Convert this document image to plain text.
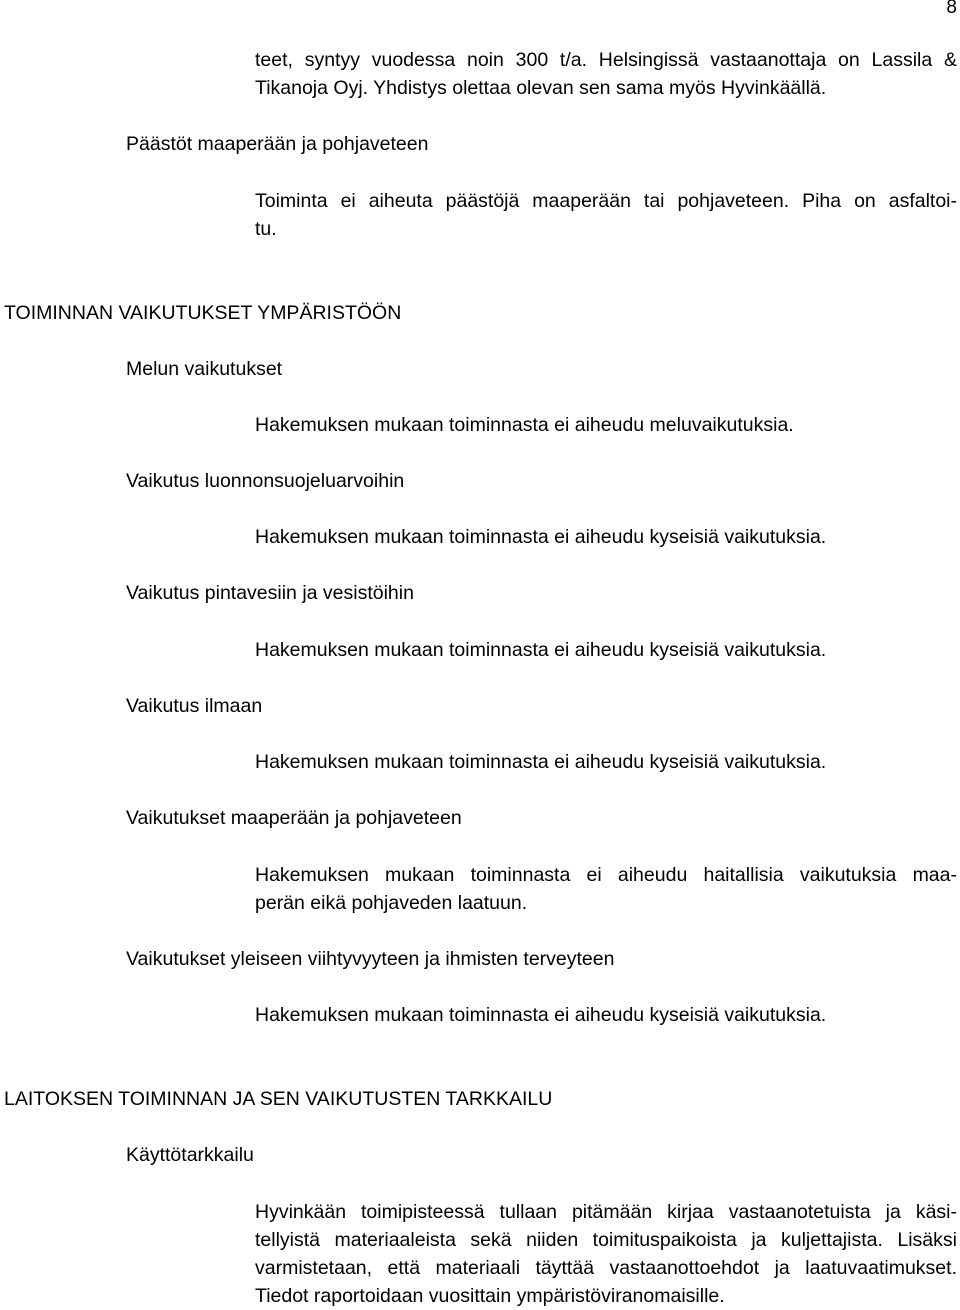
8

teet, syntyy vuodessa noin 300 t/a. Helsingissä vastaanottaja on Lassila &

Tikanoja Oyj. Yhdistys olettaa olevan sen sama myös Hyvinkäällä.

Päästöt maaperään ja pohjaveteen

Toiminta ei aiheuta päästöjä maaperään tai pohjaveteen. Piha on asfaltoi-

tu.

TOIMINNAN VAIKUTUKSET YMPÄRISTÖÖN

Melun vaikutukset

Hakemuksen mukaan toiminnasta ei aiheudu meluvaikutuksia.

Vaikutus luonnonsuojeluarvoihin

Hakemuksen mukaan toiminnasta ei aiheudu kyseisiä vaikutuksia.

Vaikutus pintavesiin ja vesistöihin

Hakemuksen mukaan toiminnasta ei aiheudu kyseisiä vaikutuksia.

Vaikutus ilmaan

Hakemuksen mukaan toiminnasta ei aiheudu kyseisiä vaikutuksia.

Vaikutukset maaperään ja pohjaveteen

Hakemuksen mukaan toiminnasta ei aiheudu haitallisia vaikutuksia maa-

perän eikä pohjaveden laatuun.

Vaikutukset yleiseen viihtyvyyteen ja ihmisten terveyteen

Hakemuksen mukaan toiminnasta ei aiheudu kyseisiä vaikutuksia.

LAITOKSEN TOIMINNAN JA SEN VAIKUTUSTEN TARKKAILU

Käyttötarkkailu

Hyvinkään toimipisteessä tullaan pitämään kirjaa vastaanotetuista ja käsi-

tellyistä materiaaleista sekä niiden toimituspaikoista ja kuljettajista. Lisäksi

varmistetaan, että materiaali täyttää vastaanottoehdot ja laatuvaatimukset.

Tiedot raportoidaan vuosittain ympäristöviranomaisille.
